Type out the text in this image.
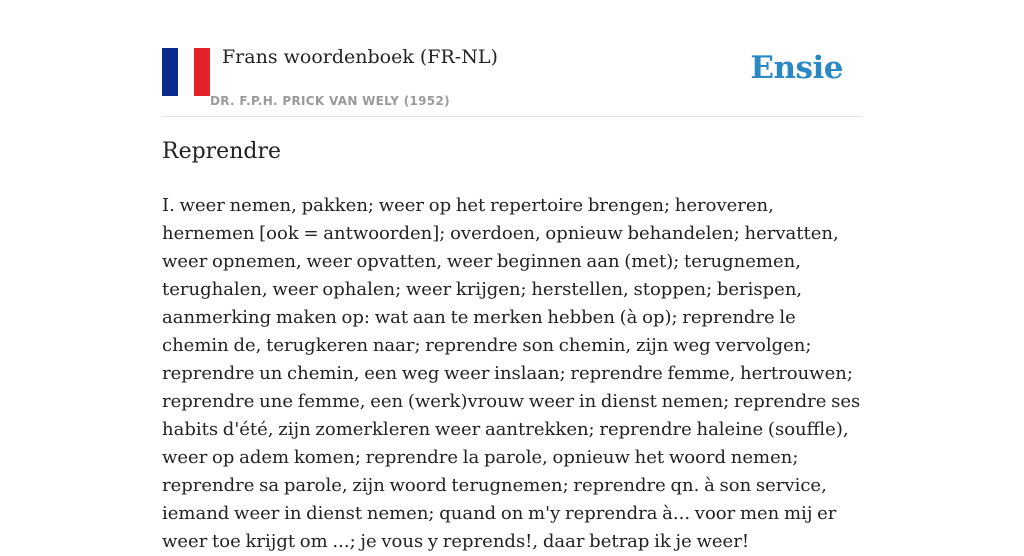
Frans woordenboek (FR-NL)
DR. F.P.H. PRICK VAN WELY (1952)
Ensie
Reprendre

I. weer nemen, pakken; weer op het repertoire brengen; heroveren, hernemen [ook = antwoorden]; overdoen, opnieuw behandelen; hervatten, weer opnemen, weer opvatten, weer beginnen aan (met); terugnemen, terughalen, weer ophalen; weer krijgen; herstellen, stoppen; berispen, aanmerking maken op: wat aan te merken hebben (à op); reprendre le chemin de, terugkeren naar; reprendre son chemin, zijn weg vervolgen; reprendre un chemin, een weg weer inslaan; reprendre femme, hertrouwen; reprendre une femme, een (werk)vrouw weer in dienst nemen; reprendre ses habits d'été, zijn zomerkleren weer aantrekken; reprendre haleine (souffle), weer op adem komen; reprendre la parole, opnieuw het woord nemen; reprendre sa parole, zijn woord terugnemen; reprendre qn. à son service, iemand weer in dienst nemen; quand on m'y reprendra à... voor men mij er weer toe krijgt om ...; je vous y reprends!, daar betrap ik je weer!
